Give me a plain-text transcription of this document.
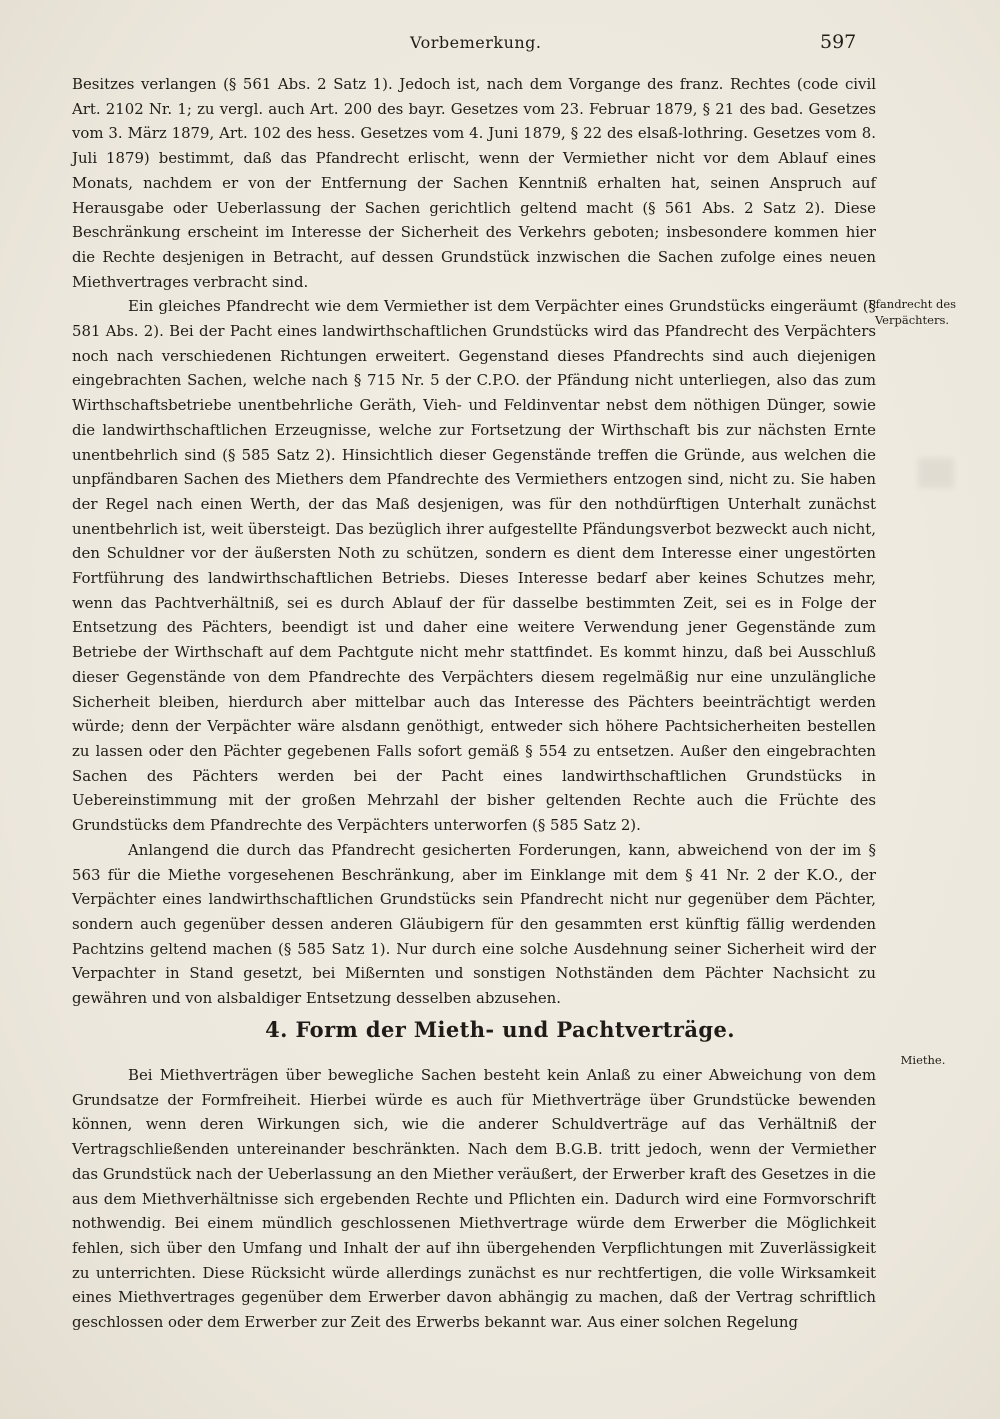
Vorbemerkung.	597

Besitzes verlangen (§ 561 Abs. 2 Satz 1). Jedoch ist, nach dem Vorgange des franz. Rechtes (code civil Art. 2102 Nr. 1; zu vergl. auch Art. 200 des bayr. Gesetzes vom 23. Februar 1879, § 21 des bad. Gesetzes vom 3. März 1879, Art. 102 des hess. Gesetzes vom 4. Juni 1879, § 22 des elsaß-lothring. Gesetzes vom 8. Juli 1879) bestimmt, daß das Pfandrecht erlischt, wenn der Vermiether nicht vor dem Ablauf eines Monats, nachdem er von der Entfernung der Sachen Kenntniß erhalten hat, seinen Anspruch auf Herausgabe oder Ueberlassung der Sachen gerichtlich geltend macht (§ 561 Abs. 2 Satz 2). Diese Beschränkung erscheint im Interesse der Sicherheit des Verkehrs geboten; insbesondere kommen hier die Rechte desjenigen in Betracht, auf dessen Grundstück inzwischen die Sachen zufolge eines neuen Miethvertrages verbracht sind.

Ein gleiches Pfandrecht wie dem Vermiether ist dem Verpächter eines Grundstücks eingeräumt (§ 581 Abs. 2). Bei der Pacht eines landwirthschaftlichen Grundstücks wird das Pfandrecht des Verpächters noch nach verschiedenen Richtungen erweitert. Gegenstand dieses Pfandrechts sind auch diejenigen eingebrachten Sachen, welche nach § 715 Nr. 5 der C.P.O. der Pfändung nicht unterliegen, also das zum Wirthschaftsbetriebe unentbehrliche Geräth, Vieh- und Feldinventar nebst dem nöthigen Dünger, sowie die landwirthschaftlichen Erzeugnisse, welche zur Fortsetzung der Wirthschaft bis zur nächsten Ernte unentbehrlich sind (§ 585 Satz 2). Hinsichtlich dieser Gegenstände treffen die Gründe, aus welchen die unpfändbaren Sachen des Miethers dem Pfandrechte des Vermiethers entzogen sind, nicht zu. Sie haben der Regel nach einen Werth, der das Maß desjenigen, was für den nothdürftigen Unterhalt zunächst unentbehrlich ist, weit übersteigt. Das bezüglich ihrer aufgestellte Pfändungsverbot bezweckt auch nicht, den Schuldner vor der äußersten Noth zu schützen, sondern es dient dem Interesse einer ungestörten Fortführung des landwirthschaftlichen Betriebs. Dieses Interesse bedarf aber keines Schutzes mehr, wenn das Pachtverhältniß, sei es durch Ablauf der für dasselbe bestimmten Zeit, sei es in Folge der Entsetzung des Pächters, beendigt ist und daher eine weitere Verwendung jener Gegenstände zum Betriebe der Wirthschaft auf dem Pachtgute nicht mehr stattfindet. Es kommt hinzu, daß bei Ausschluß dieser Gegenstände von dem Pfandrechte des Verpächters diesem regelmäßig nur eine unzulängliche Sicherheit bleiben, hierdurch aber mittelbar auch das Interesse des Pächters beeinträchtigt werden würde; denn der Verpächter wäre alsdann genöthigt, entweder sich höhere Pachtsicherheiten bestellen zu lassen oder den Pächter gegebenen Falls sofort gemäß § 554 zu entsetzen. Außer den eingebrachten Sachen des Pächters werden bei der Pacht eines landwirthschaftlichen Grundstücks in Uebereinstimmung mit der großen Mehrzahl der bisher geltenden Rechte auch die Früchte des Grundstücks dem Pfandrechte des Verpächters unterworfen (§ 585 Satz 2).

Anlangend die durch das Pfandrecht gesicherten Forderungen, kann, abweichend von der im § 563 für die Miethe vorgesehenen Beschränkung, aber im Einklange mit dem § 41 Nr. 2 der K.O., der Verpächter eines landwirthschaftlichen Grundstücks sein Pfandrecht nicht nur gegenüber dem Pächter, sondern auch gegenüber dessen anderen Gläubigern für den gesammten erst künftig fällig werdenden Pachtzins geltend machen (§ 585 Satz 1). Nur durch eine solche Ausdehnung seiner Sicherheit wird der Verpachter in Stand gesetzt, bei Mißernten und sonstigen Nothständen dem Pächter Nachsicht zu gewähren und von alsbaldiger Entsetzung desselben abzusehen.

4. Form der Mieth- und Pachtverträge.

Bei Miethverträgen über bewegliche Sachen besteht kein Anlaß zu einer Abweichung von dem Grundsatze der Formfreiheit. Hierbei würde es auch für Miethverträge über Grundstücke bewenden können, wenn deren Wirkungen sich, wie die anderer Schuldverträge auf das Verhältniß der Vertragschließenden untereinander beschränkten. Nach dem B.G.B. tritt jedoch, wenn der Vermiether das Grundstück nach der Ueberlassung an den Miether veräußert, der Erwerber kraft des Gesetzes in die aus dem Miethverhältnisse sich ergebenden Rechte und Pflichten ein. Dadurch wird eine Formvorschrift nothwendig. Bei einem mündlich geschlossenen Miethvertrage würde dem Erwerber die Möglichkeit fehlen, sich über den Umfang und Inhalt der auf ihn übergehenden Verpflichtungen mit Zuverlässigkeit zu unterrichten. Diese Rücksicht würde allerdings zunächst es nur rechtfertigen, die volle Wirksamkeit eines Miethvertrages gegenüber dem Erwerber davon abhängig zu machen, daß der Vertrag schriftlich geschlossen oder dem Erwerber zur Zeit des Erwerbs bekannt war. Aus einer solchen Regelung

Pfandrecht des Verpächters.
Miethe.
